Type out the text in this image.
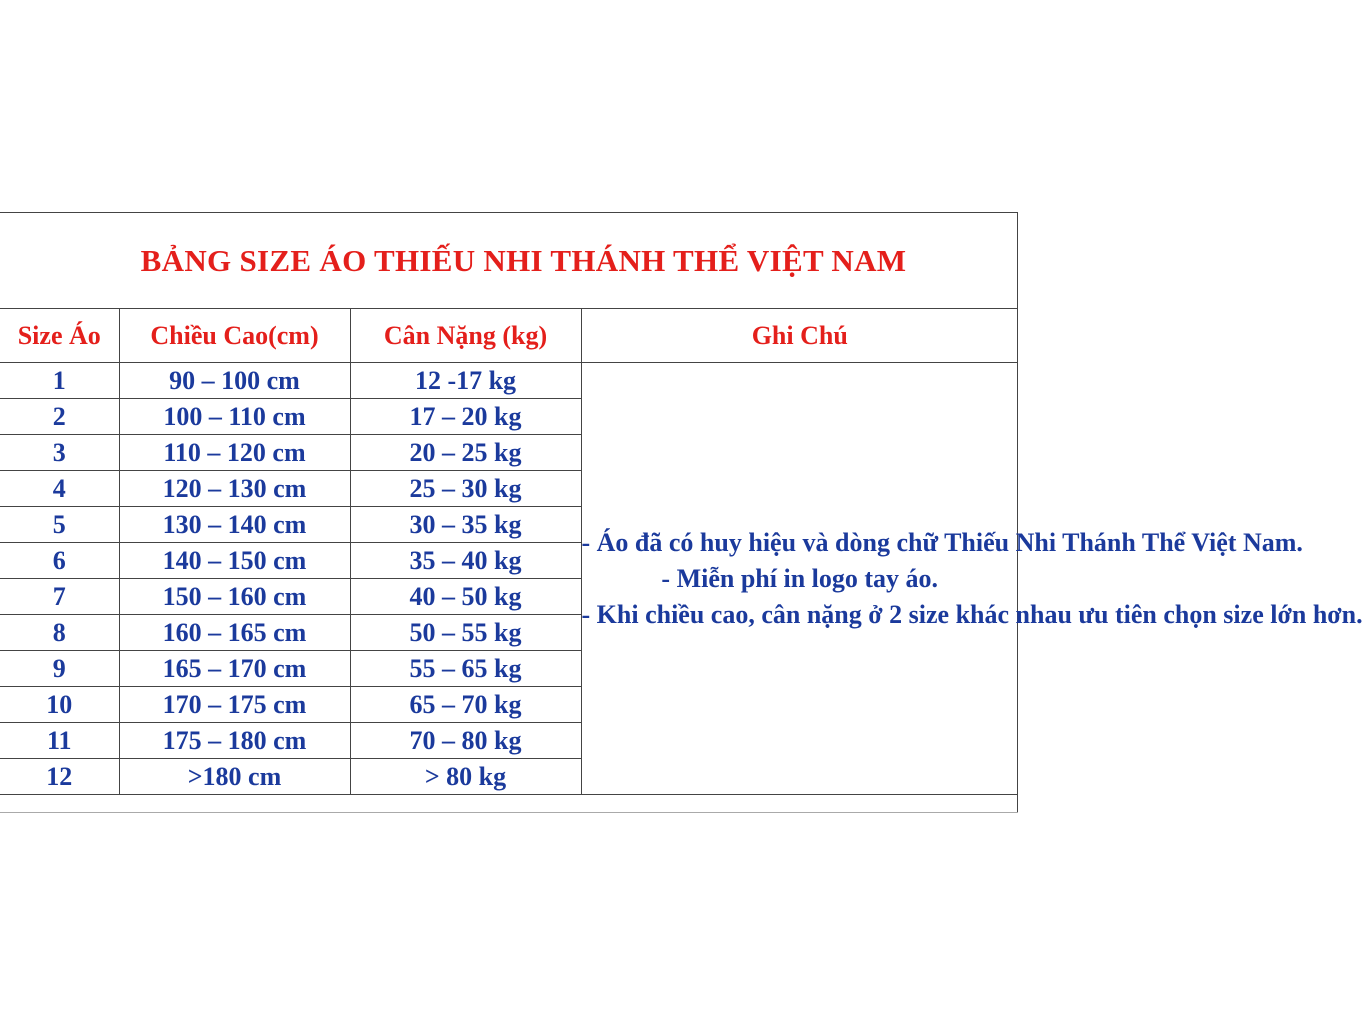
BẢNG SIZE ÁO THIẾU NHI THÁNH THỂ VIỆT NAM
Size Áo	Chiều Cao(cm)	Cân Nặng (kg)	Ghi Chú
1	90 – 100 cm	12 -17 kg	- Áo đã có huy hiệu và dòng chữ Thiếu Nhi Thánh Thể Việt Nam.
- Miễn phí in logo tay áo.
- Khi chiều cao, cân nặng ở 2 size khác nhau ưu tiên chọn size lớn hơn.

2	100 – 110 cm	17 – 20 kg	
3	110 – 120 cm	20 – 25 kg	
4	120 – 130 cm	25 – 30 kg	
5	130 – 140 cm	30 – 35 kg	
6	140 – 150 cm	35 – 40 kg	
7	150 – 160 cm	40 – 50 kg	
8	160 – 165 cm	50 – 55 kg	
9	165 – 170 cm	55 – 65 kg	
10	170 – 175 cm	65 – 70 kg	
11	175 – 180 cm	70 – 80 kg	
12	>180 cm	> 80 kg	
